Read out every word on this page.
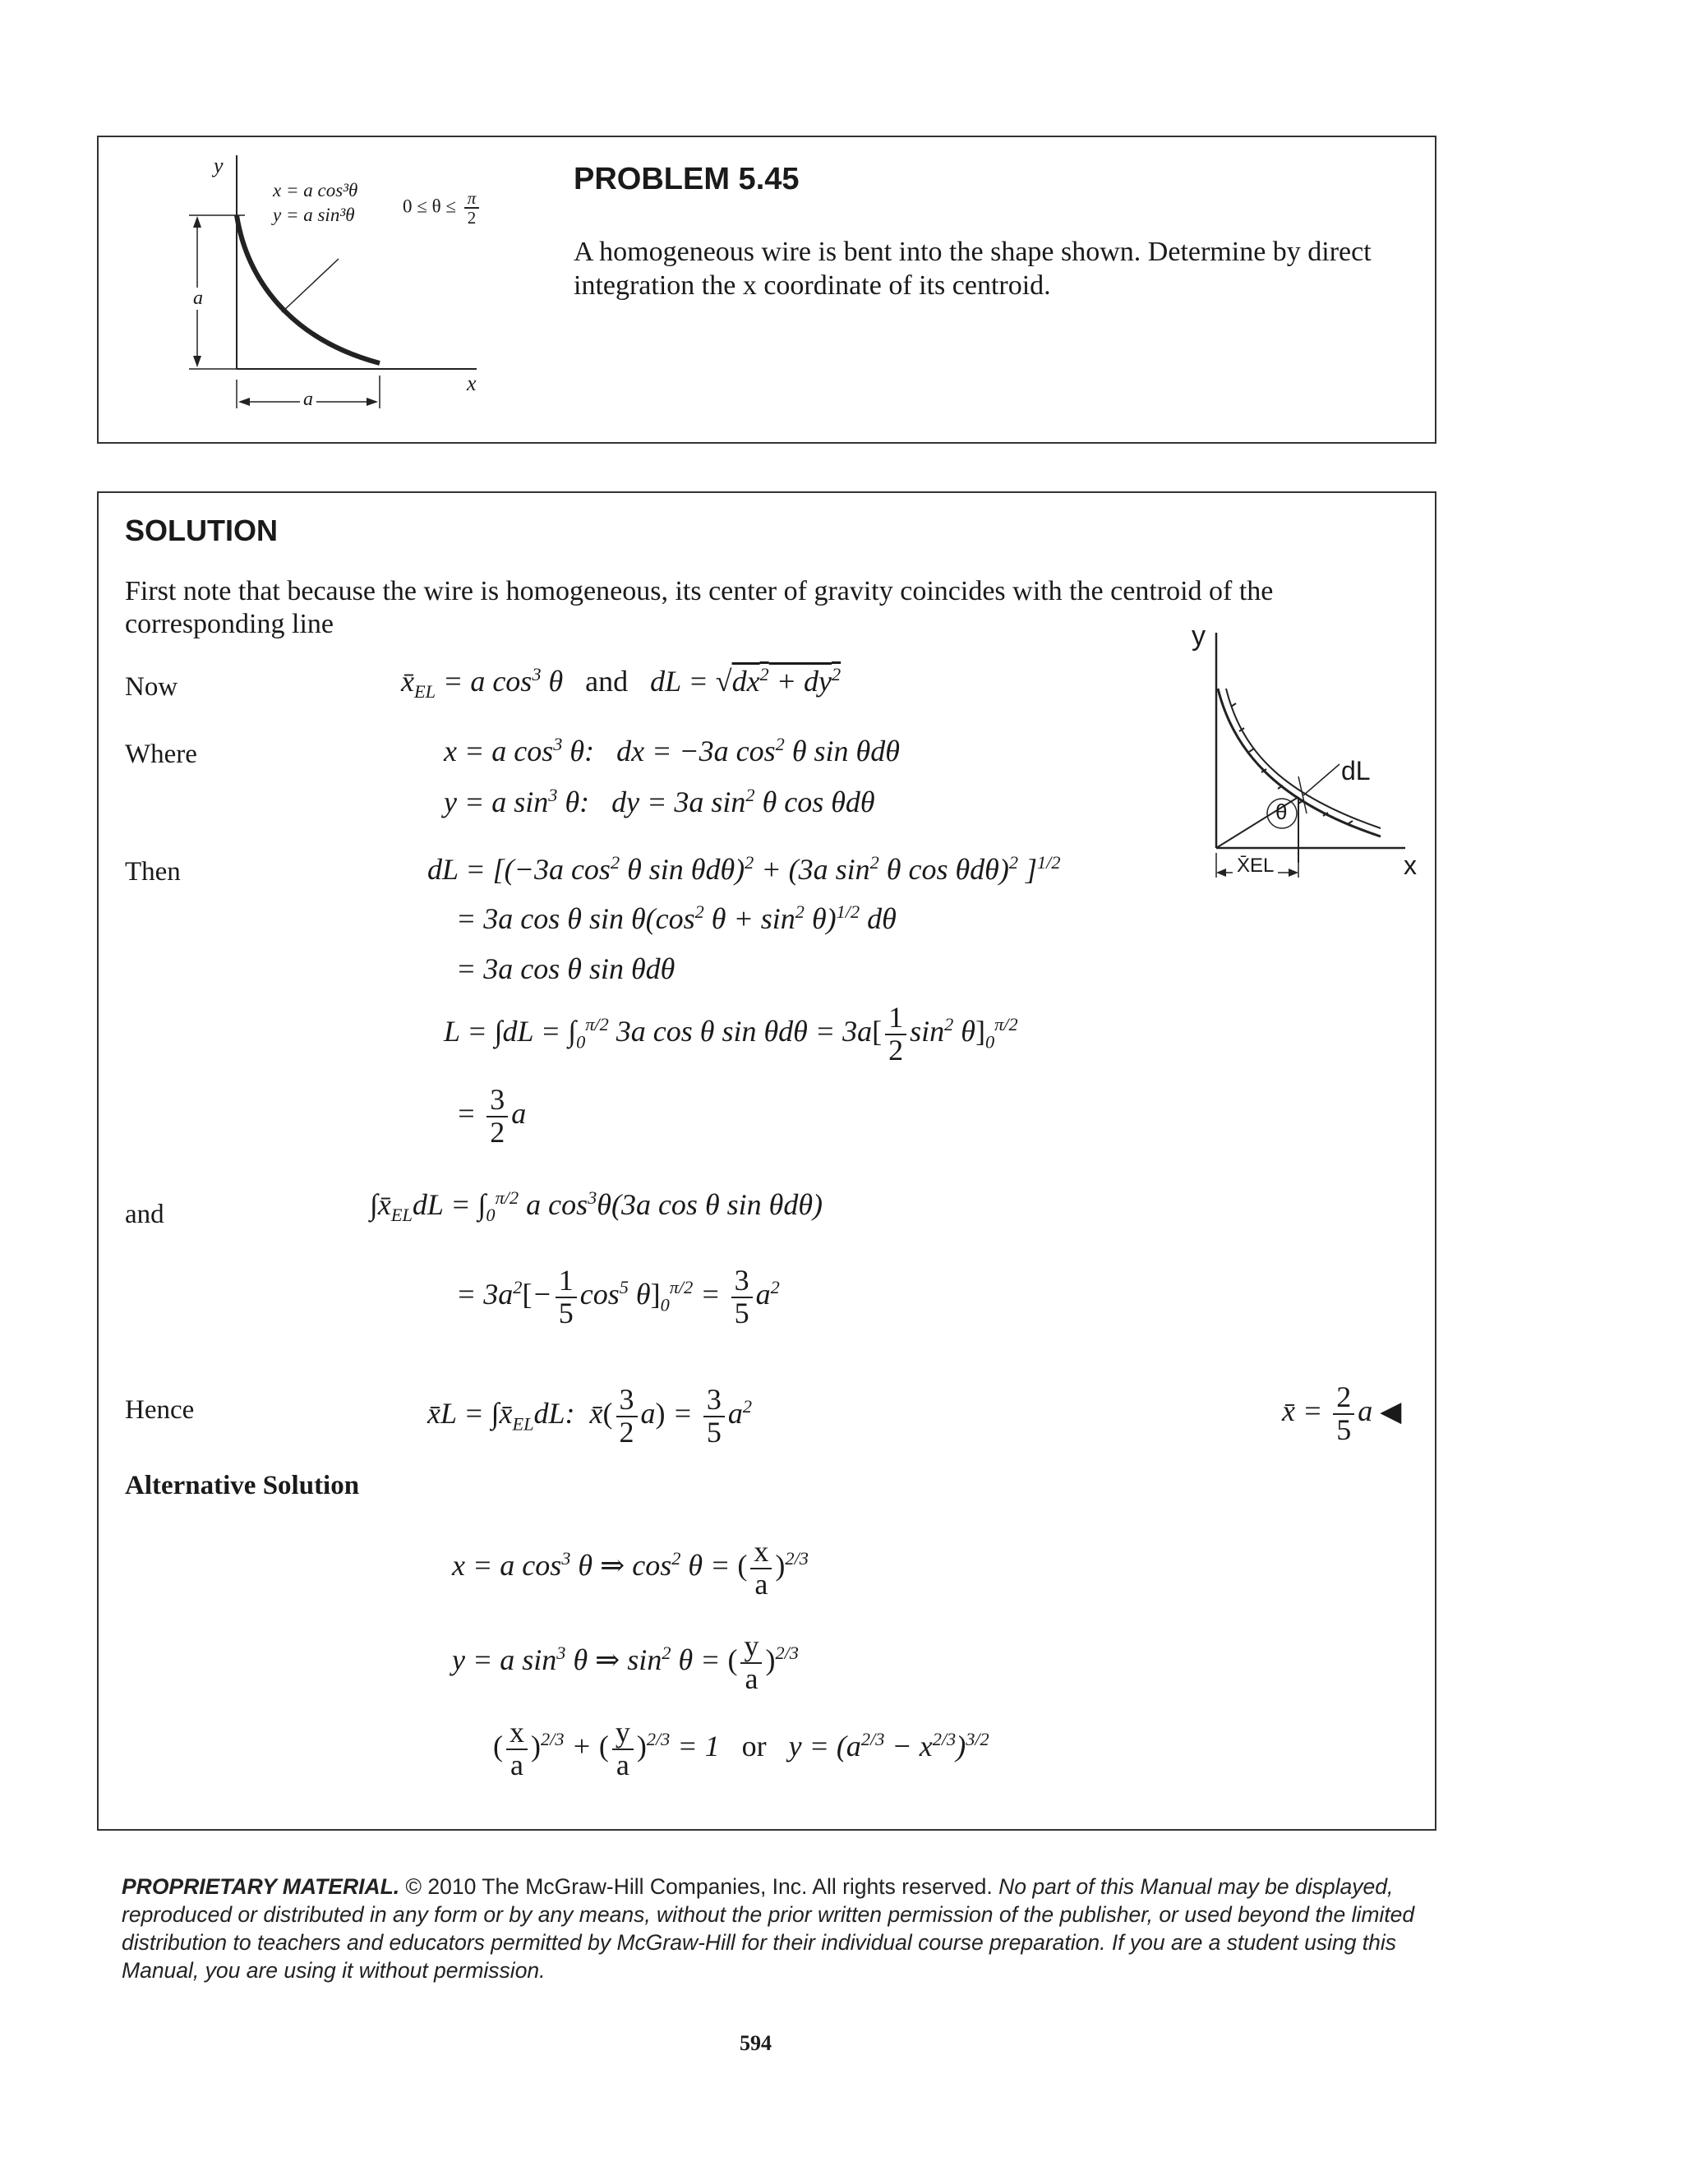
y
x
x = a cos³θ
y = a sin³θ	$0 \le \theta \le \frac{\pi}{2}$
a
a
PROBLEM 5.45
A homogeneous wire is bent into the shape shown. Determine by direct integration the x coordinate of its centroid.
SOLUTION
First note that because the wire is homogeneous, its center of gravity coincides with the centroid of the corresponding line
Now
Where
Then
and
Hence
Alternative Solution
$x̄_{EL} = a$ $\cos^3 \theta$   and   dL = $√dx^2 + dy^2$
x = a $\cos^3 \theta$:   dx = −3a $\cos^2 \theta$ sin θdθ
y = a $\sin^3 \theta$:   dy = 3a $\sin^2 \theta$ cos θdθ
dL = [(−3a $\cos^2 \theta$ sin θdθ)$^2$ + (3a $\sin^2 \theta$ cos θdθ)$^2$ ]$^{1/2}$
= 3a cos θ $\sin \theta(\cos^2$ $\theta + \sin^2 \theta)^{1/2}$ dθ
= 3a cos θ sin θdθ
$L = \int dL = \int_0^{\pi/2}$ 3a cos θ $\sin \theta d\theta = 3a[ \frac{1}{2} \sin^2 \theta]_0^{\pi/2}$
= $\frac{3}{2}$ a
$\int x̄_{EL}dL = \int_0^{\pi/2}$ a $\cos^3\theta(3a$ cos θ sin θdθ)
= $3a^2[- \frac{1}{5} \cos^5 \theta]_0^{\pi/2} = \frac{3}{5} a^2$
x̄L = $\int x̄_{EL}dL$:  x̄( $\frac{3}{2} a) = \frac{3}{5} a^2$
x = a $\cos^3 \theta$ ⇒ $\cos^2 \theta$ = ( $\frac{x}{a} )^{2/3}$
y = a $\sin^3 \theta$ ⇒ $\sin^2 \theta$ = ( $\frac{y}{a} )^{2/3}$
( $\frac{x}{a} )^{2/3}$ + ( $\frac{y}{a} )^{2/3} = 1$   or   $y = (a^{2/3} - x^{2/3})^{3/2}$
y
x
dL
θ
X̄EL
x̄ = $\frac{2}{5}$ a ◀
PROPRIETARY MATERIAL. © 2010 The McGraw-Hill Companies, Inc. All rights reserved. No part of this Manual may be displayed, reproduced or distributed in any form or by any means, without the prior written permission of the publisher, or used beyond the limited distribution to teachers and educators permitted by McGraw-Hill for their individual course preparation. If you are a student using this Manual, you are using it without permission.
594
